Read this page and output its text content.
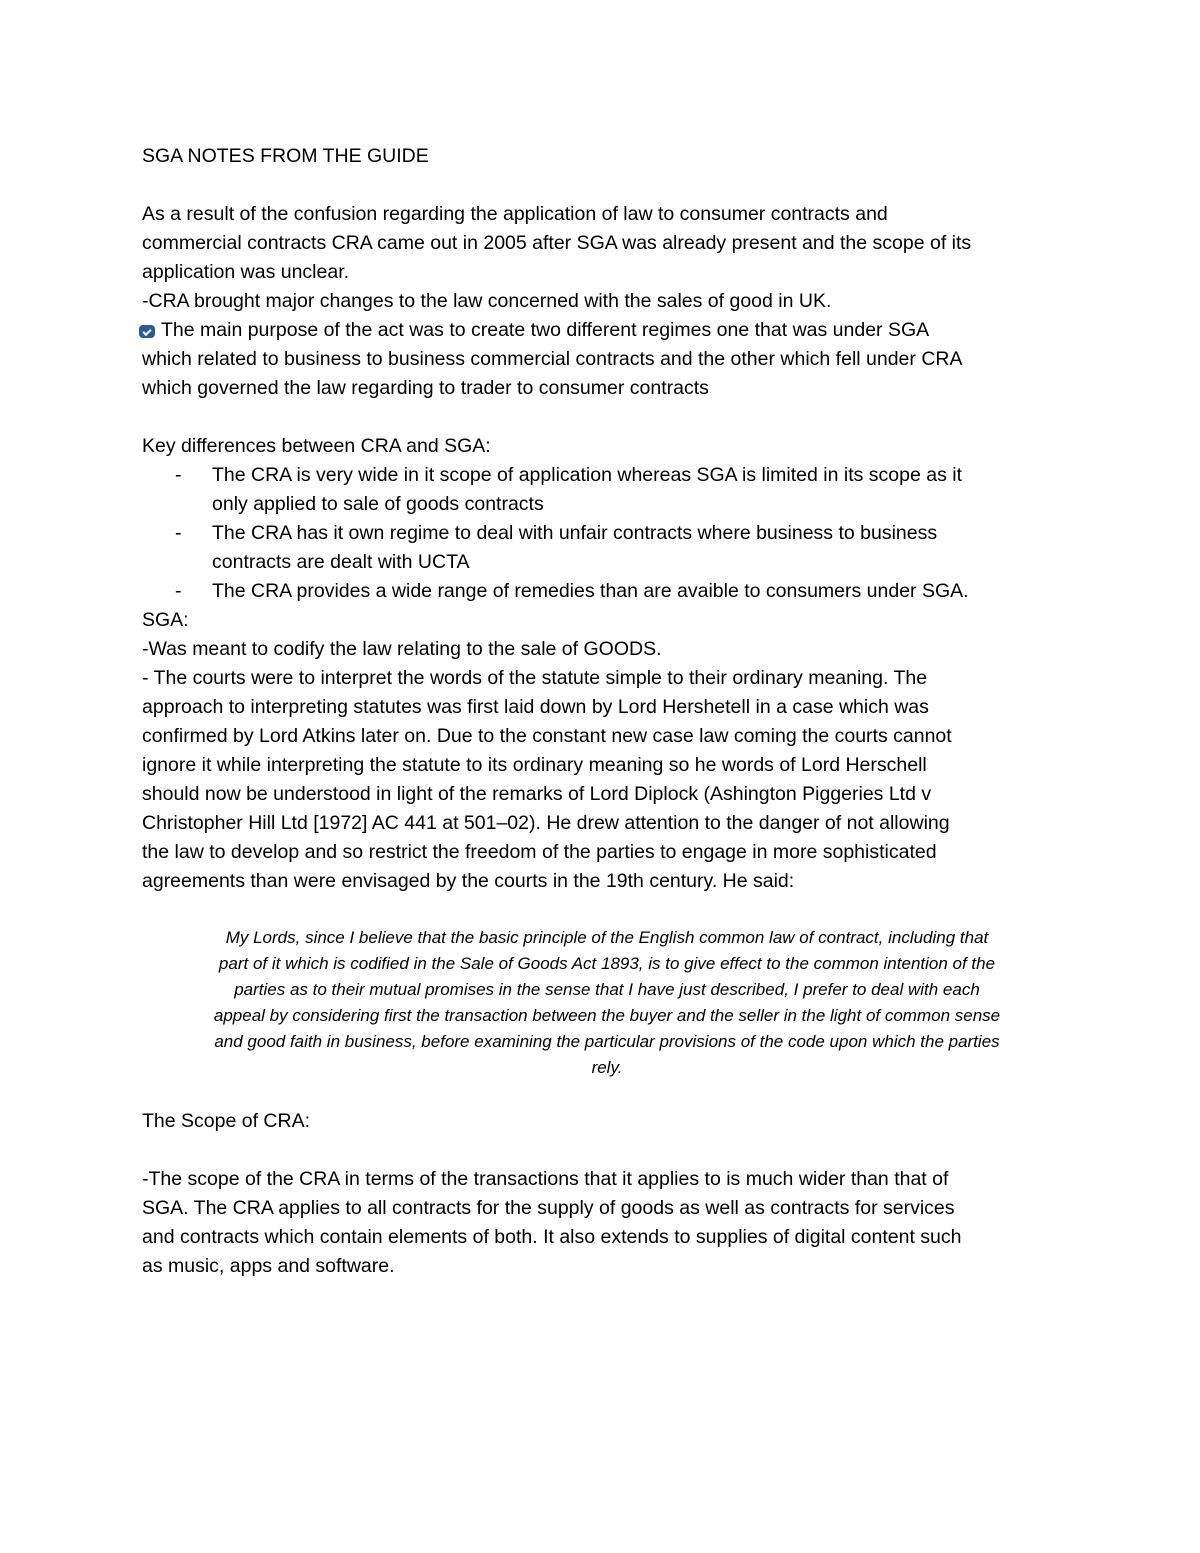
SGA NOTES FROM THE GUIDE

As a result of the confusion regarding the application of law to consumer contracts and
commercial contracts CRA came out in 2005 after SGA was already present and the scope of its
application was unclear.
-CRA brought major changes to the law concerned with the sales of good in UK.
The main purpose of the act was to create two different regimes one that was under SGA
which related to business to business commercial contracts and the other which fell under CRA
which governed the law regarding to trader to consumer contracts

Key differences between CRA and SGA:

- The CRA is very wide in it scope of application whereas SGA is limited in its scope as it
only applied to sale of goods contracts
- The CRA has it own regime to deal with unfair contracts where business to business
contracts are dealt with UCTA
- The CRA provides a wide range of remedies than are avaible to consumers under SGA.

SGA:

-Was meant to codify the law relating to the sale of GOODS.
- The courts were to interpret the words of the statute simple to their ordinary meaning. The
approach to interpreting statutes was first laid down by Lord Hershetell in a case which was
confirmed by Lord Atkins later on. Due to the constant new case law coming the courts cannot
ignore it while interpreting the statute to its ordinary meaning so he words of Lord Herschell
should now be understood in light of the remarks of Lord Diplock (Ashington Piggeries Ltd v
Christopher Hill Ltd [1972] AC 441 at 501–02). He drew attention to the danger of not allowing
the law to develop and so restrict the freedom of the parties to engage in more sophisticated
agreements than were envisaged by the courts in the 19th century. He said:
My Lords, since I believe that the basic principle of the English common law of contract, including that
part of it which is codified in the Sale of Goods Act 1893, is to give effect to the common intention of the
parties as to their mutual promises in the sense that I have just described, I prefer to deal with each
appeal by considering first the transaction between the buyer and the seller in the light of common sense
and good faith in business, before examining the particular provisions of the code upon which the parties
rely.

The Scope of CRA:

-The scope of the CRA in terms of the transactions that it applies to is much wider than that of
SGA. The CRA applies to all contracts for the supply of goods as well as contracts for services
and contracts which contain elements of both. It also extends to supplies of digital content such
as music, apps and software.
